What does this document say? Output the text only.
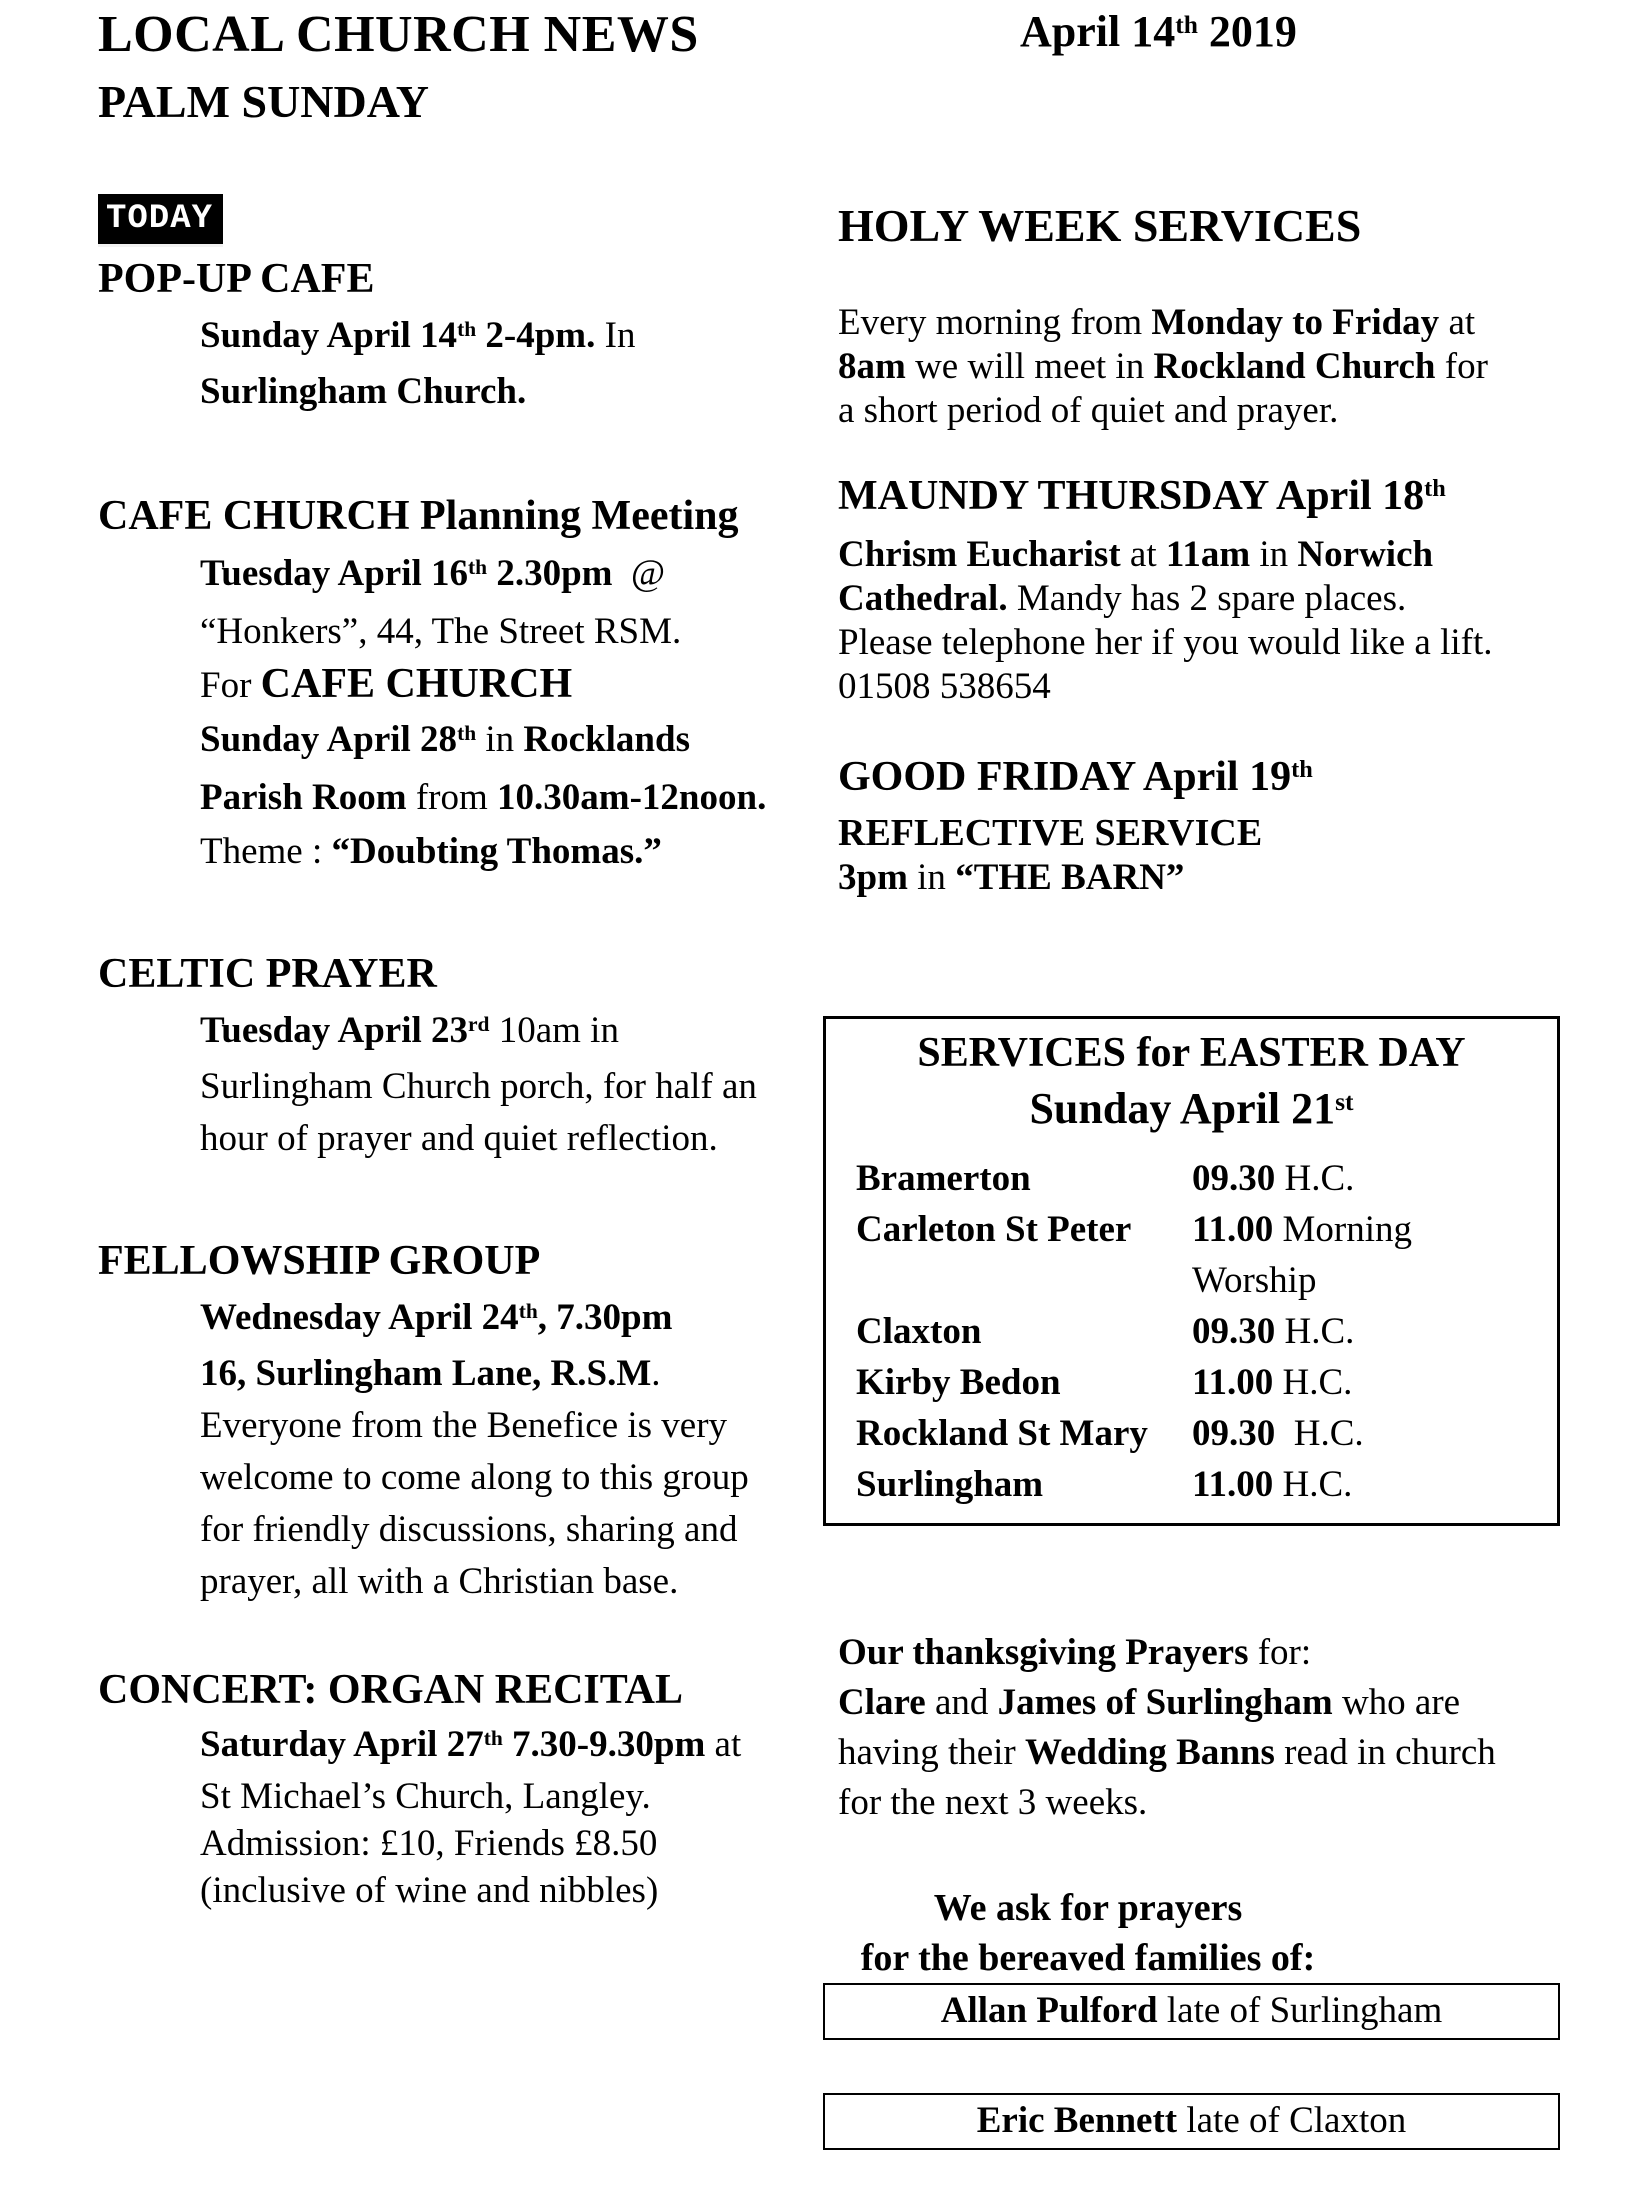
LOCAL CHURCH NEWS
PALM SUNDAY
TODAY
POP-UP CAFE
Sunday April 14th 2-4pm. In
Surlingham Church.
CAFE CHURCH Planning Meeting
Tuesday April 16th 2.30pm  @
“Honkers”, 44, The Street RSM.
For CAFE CHURCH
Sunday April 28th in Rocklands
Parish Room from 10.30am-12noon.
Theme : “Doubting Thomas.”
CELTIC PRAYER
Tuesday April 23rd 10am in
Surlingham Church porch, for half an
hour of prayer and quiet reflection.
FELLOWSHIP GROUP
Wednesday April 24th, 7.30pm
16, Surlingham Lane, R.S.M.
Everyone from the Benefice is very
welcome to come along to this group
for friendly discussions, sharing and
prayer, all with a Christian base.
CONCERT: ORGAN RECITAL
Saturday April 27th 7.30-9.30pm at
St Michael’s Church, Langley.
Admission: £10, Friends £8.50
(inclusive of wine and nibbles)
April 14th 2019
HOLY WEEK SERVICES
Every morning from Monday to Friday at
8am we will meet in Rockland Church for
a short period of quiet and prayer.
MAUNDY THURSDAY April 18th
Chrism Eucharist at 11am in Norwich
Cathedral. Mandy has 2 spare places.
Please telephone her if you would like a lift.
01508 538654
GOOD FRIDAY April 19th
REFLECTIVE SERVICE
3pm in “THE BARN”
SERVICES for EASTER DAY
Sunday April 21st
Bramerton	09.30 H.C.
Carleton St Peter	11.00 Morning Worship
Claxton	09.30 H.C.
Kirby Bedon	11.00 H.C.
Rockland St Mary	09.30  H.C.
Surlingham	11.00 H.C.
Our thanksgiving Prayers for:
Clare and James of Surlingham who are
having their Wedding Banns read in church
for the next 3 weeks.
We ask for prayers
for the bereaved families of:
Allan Pulford late of Surlingham
Eric Bennett late of Claxton
